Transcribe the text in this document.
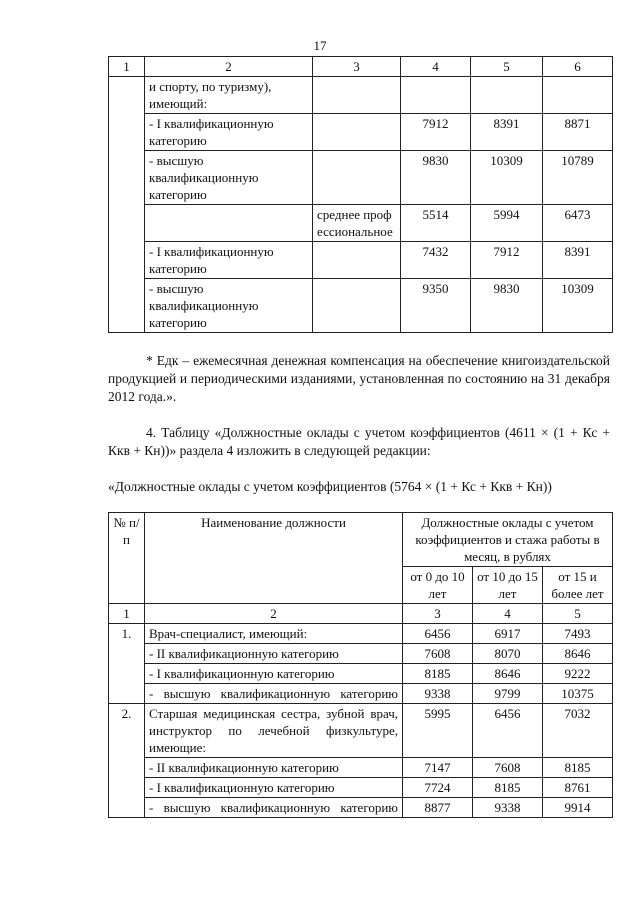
17
1	2	3	4	5	6
	и спорту, по туризму), имеющий:				
	- I квалификационную категорию		7912	8391	8871
	- высшую квалификационную категорию		9830	10309	10789
		среднее профессиональное	5514	5994	6473
	- I квалификационную категорию		7432	7912	8391
	- высшую квалификационную категорию		9350	9830	10309
* Едк – ежемесячная денежная компенсация на обеспечение книгоиздательской продукцией и периодическими изданиями, установленная по состоянию на 31 декабря 2012 года.».
4. Таблицу «Должностные оклады с учетом коэффициентов (4611 × (1 + Кс + Ккв + Кн))» раздела 4 изложить в следующей редакции:
«Должностные оклады с учетом коэффициентов (5764 × (1 + Кс + Ккв + Кн))
№ п/п	Наименование должности	Должностные оклады с учетом коэффициентов и стажа работы в месяц, в рублях		
		от 0 до 10 лет	от 10 до 15 лет	от 15 и более лет
1	2	3	4	5
1.	Врач-специалист, имеющий:	6456	6917	7493
	- II квалификационную категорию	7608	8070	8646
	- I квалификационную категорию	8185	8646	9222
	- высшую квалификационную категорию	9338	9799	10375
2.	Старшая медицинская сестра, зубной врач, инструктор по лечебной физкультуре, имеющие:	5995	6456	7032
	- II квалификационную категорию	7147	7608	8185
	- I квалификационную категорию	7724	8185	8761
	- высшую квалификационную категорию	8877	9338	9914
